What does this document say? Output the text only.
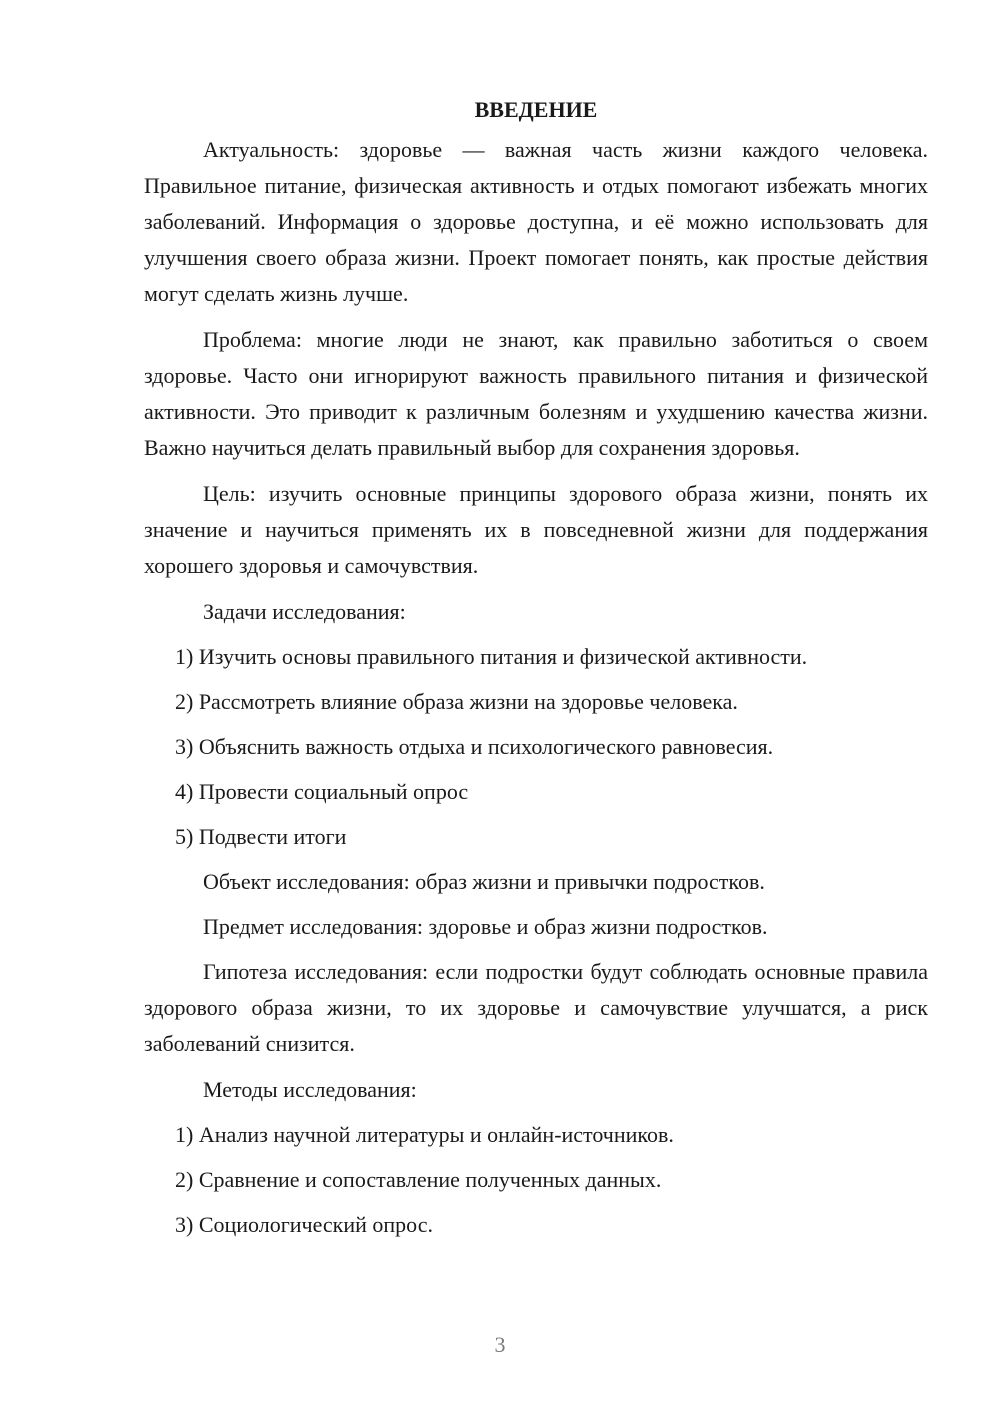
ВВЕДЕНИЕ

Актуальность: здоровье — важная часть жизни каждого человека. Правильное питание, физическая активность и отдых помогают избежать многих заболеваний. Информация о здоровье доступна, и её можно использовать для улучшения своего образа жизни. Проект помогает понять, как простые действия могут сделать жизнь лучше.

Проблема: многие люди не знают, как правильно заботиться о своем здоровье. Часто они игнорируют важность правильного питания и физической активности. Это приводит к различным болезням и ухудшению качества жизни. Важно научиться делать правильный выбор для сохранения здоровья.

Цель: изучить основные принципы здорового образа жизни, понять их значение и научиться применять их в повседневной жизни для поддержания хорошего здоровья и самочувствия.

Задачи исследования:
1) Изучить основы правильного питания и физической активности.
2) Рассмотреть влияние образа жизни на здоровье человека.
3) Объяснить важность отдыха и психологического равновесия.
4) Провести социальный опрос
5) Подвести итоги
Объект исследования: образ жизни и привычки подростков.
Предмет исследования: здоровье и образ жизни подростков.

Гипотеза исследования: если подростки будут соблюдать основные правила здорового образа жизни, то их здоровье и самочувствие улучшатся, а риск заболеваний снизится.

Методы исследования:
1) Анализ научной литературы и онлайн-источников.
2) Сравнение и сопоставление полученных данных.
3) Социологический опрос.
3
